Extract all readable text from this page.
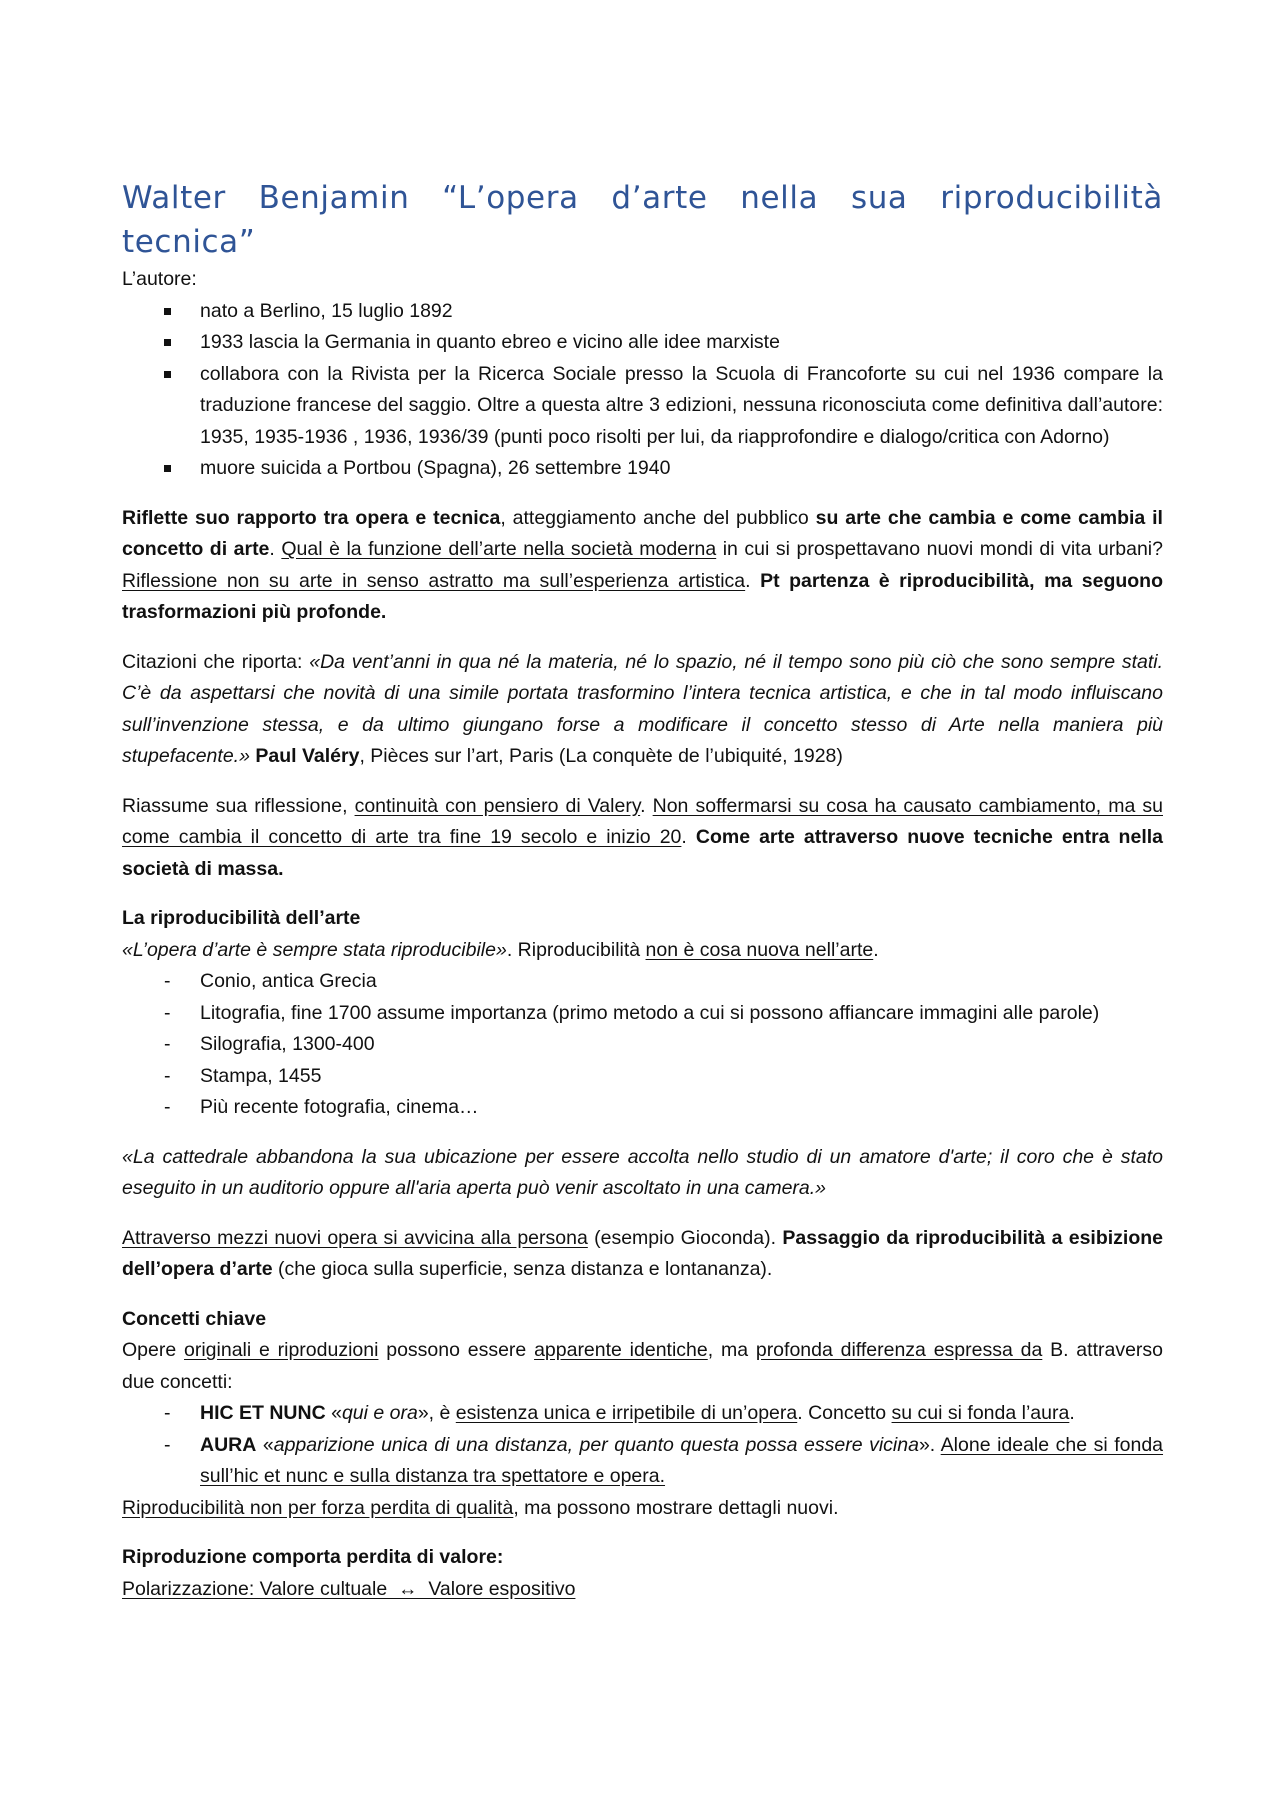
Walter Benjamin “L’opera d’arte nella sua riproducibilità tecnica”

L’autore:

nato a Berlino, 15 luglio 1892
1933 lascia la Germania in quanto ebreo e vicino alle idee marxiste
collabora con la Rivista per la Ricerca Sociale presso la Scuola di Francoforte su cui nel 1936 compare la traduzione francese del saggio. Oltre a questa altre 3 edizioni, nessuna riconosciuta come definitiva dall’autore: 1935, 1935-1936 , 1936, 1936/39 (punti poco risolti per lui, da riapprofondire e dialogo/critica con Adorno)
muore suicida a Portbou (Spagna), 26 settembre 1940

Riflette suo rapporto tra opera e tecnica, atteggiamento anche del pubblico su arte che cambia e come cambia il concetto di arte. Qual è la funzione dell’arte nella società moderna in cui si prospettavano nuovi mondi di vita urbani? Riflessione non su arte in senso astratto ma sull’esperienza artistica. Pt partenza è riproducibilità, ma seguono trasformazioni più profonde.

Citazioni che riporta: «Da vent’anni in qua né la materia, né lo spazio, né il tempo sono più ciò che sono sempre stati. C’è da aspettarsi che novità di una simile portata trasformino l’intera tecnica artistica, e che in tal modo influiscano sull’invenzione stessa, e da ultimo giungano forse a modificare il concetto stesso di Arte nella maniera più stupefacente.» Paul Valéry, Pièces sur l’art, Paris (La conquète de l’ubiquité, 1928)

Riassume sua riflessione, continuità con pensiero di Valery. Non soffermarsi su cosa ha causato cambiamento, ma su come cambia il concetto di arte tra fine 19 secolo e inizio 20. Come arte attraverso nuove tecniche entra nella società di massa.

La riproducibilità dell’arte

«L’opera d’arte è sempre stata riproducibile». Riproducibilità non è cosa nuova nell’arte.

- Conio, antica Grecia
- Litografia, fine 1700 assume importanza (primo metodo a cui si possono affiancare immagini alle parole)
- Silografia, 1300-400
- Stampa, 1455
- Più recente fotografia, cinema…

«La cattedrale abbandona la sua ubicazione per essere accolta nello studio di un amatore d'arte; il coro che è stato eseguito in un auditorio oppure all'aria aperta può venir ascoltato in una camera.»

Attraverso mezzi nuovi opera si avvicina alla persona (esempio Gioconda). Passaggio da riproducibilità a esibizione dell’opera d’arte (che gioca sulla superficie, senza distanza e lontananza).

Concetti chiave

Opere originali e riproduzioni possono essere apparente identiche, ma profonda differenza espressa da B. attraverso due concetti:

- HIC ET NUNC «qui e ora», è esistenza unica e irripetibile di un’opera. Concetto su cui si fonda l’aura.
- AURA «apparizione unica di una distanza, per quanto questa possa essere vicina». Alone ideale che si fonda sull’hic et nunc e sulla distanza tra spettatore e opera.

Riproducibilità non per forza perdita di qualità, ma possono mostrare dettagli nuovi.

Riproduzione comporta perdita di valore:

Polarizzazione: Valore cultuale  ↔  Valore espositivo
